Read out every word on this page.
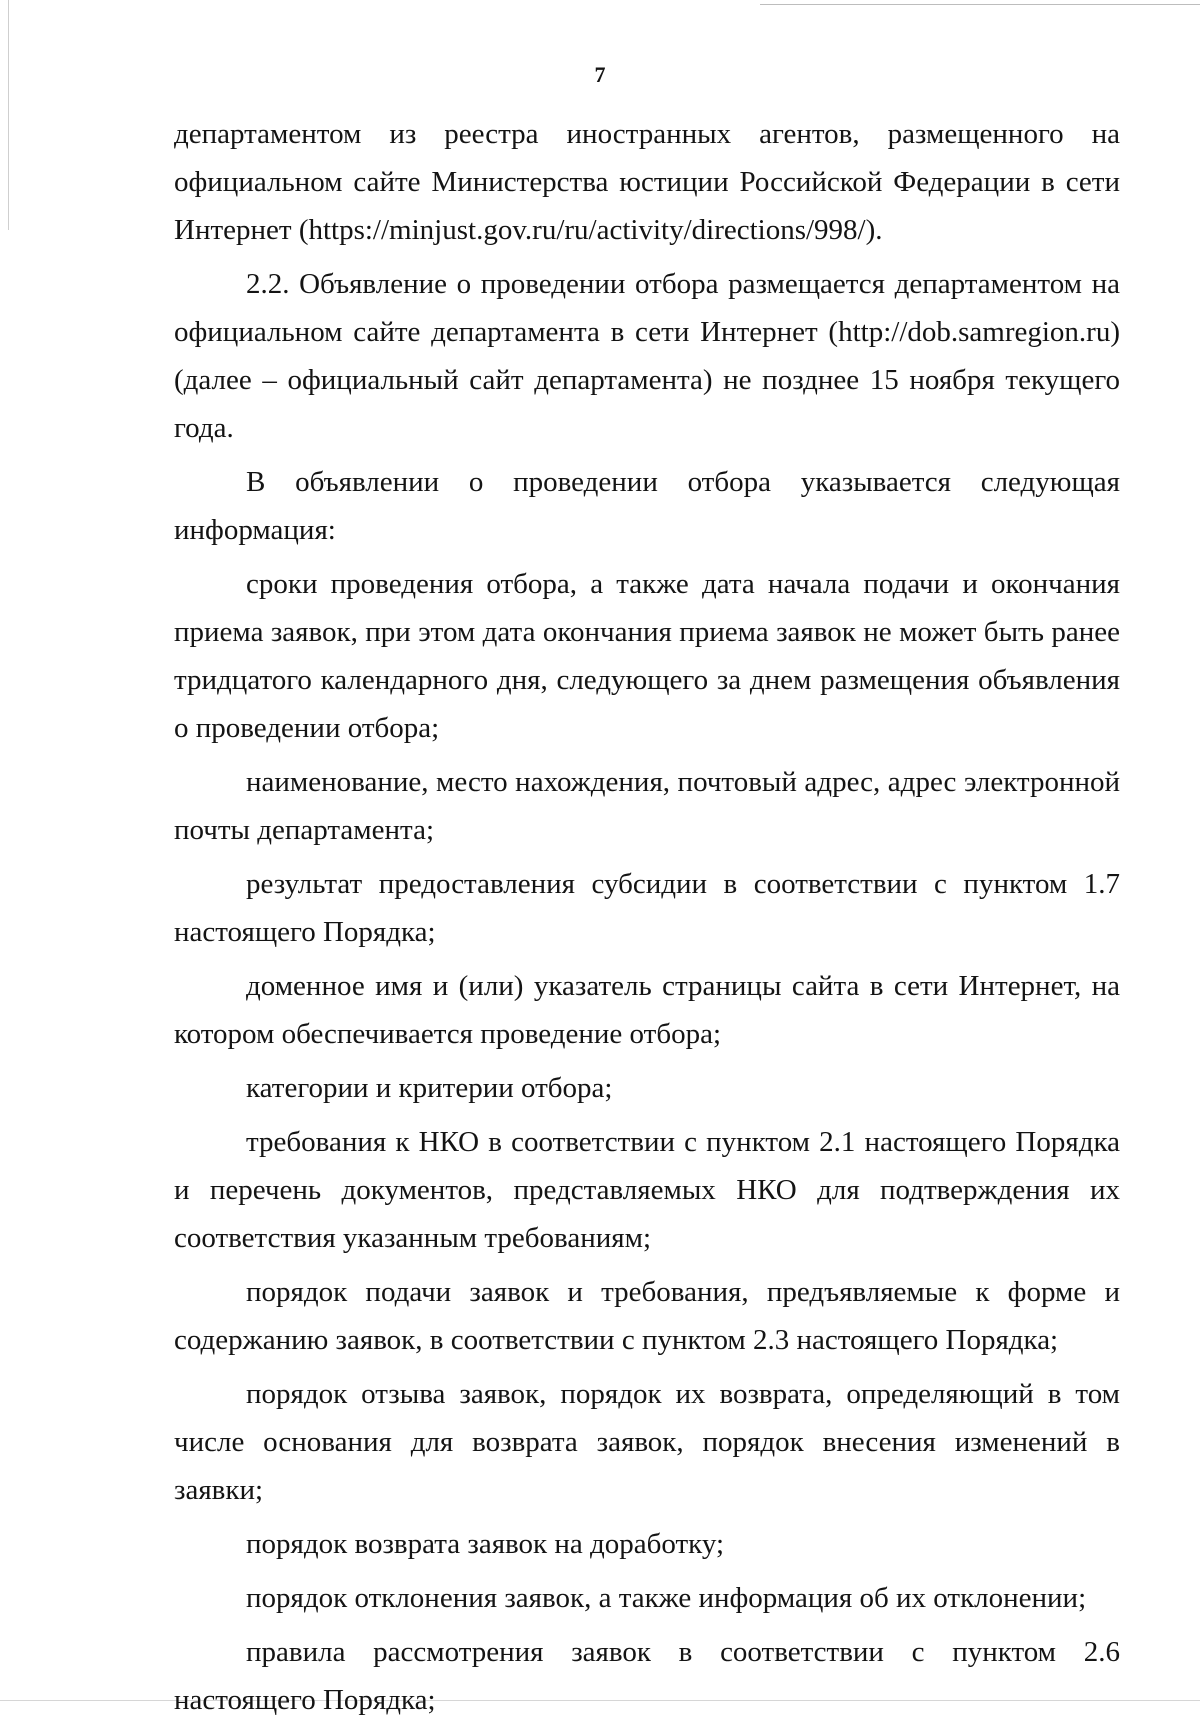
7

департаментом из реестра иностранных агентов, размещенного на официальном сайте Министерства юстиции Российской Федерации в сети Интернет (https://minjust.gov.ru/ru/activity/directions/998/).

2.2. Объявление о проведении отбора размещается департаментом на официальном сайте департамента в сети Интернет (http://dob.samregion.ru) (далее – официальный сайт департамента) не позднее 15 ноября текущего года.

В объявлении о проведении отбора указывается следующая информация:

сроки проведения отбора, а также дата начала подачи и окончания приема заявок, при этом дата окончания приема заявок не может быть ранее тридцатого календарного дня, следующего за днем размещения объявления о проведении отбора;

наименование, место нахождения, почтовый адрес, адрес электронной почты департамента;

результат предоставления субсидии в соответствии с пунктом 1.7 настоящего Порядка;

доменное имя и (или) указатель страницы сайта в сети Интернет, на котором обеспечивается проведение отбора;

категории и критерии отбора;

требования к НКО в соответствии с пунктом 2.1 настоящего Порядка и перечень документов, представляемых НКО для подтверждения их соответствия указанным требованиям;

порядок подачи заявок и требования, предъявляемые к форме и содержанию заявок, в соответствии с пунктом 2.3 настоящего Порядка;

порядок отзыва заявок, порядок их возврата, определяющий в том числе основания для возврата заявок, порядок внесения изменений в заявки;

порядок возврата заявок на доработку;

порядок отклонения заявок, а также информация об их отклонении;

правила рассмотрения заявок в соответствии с пунктом 2.6 настоящего Порядка;
